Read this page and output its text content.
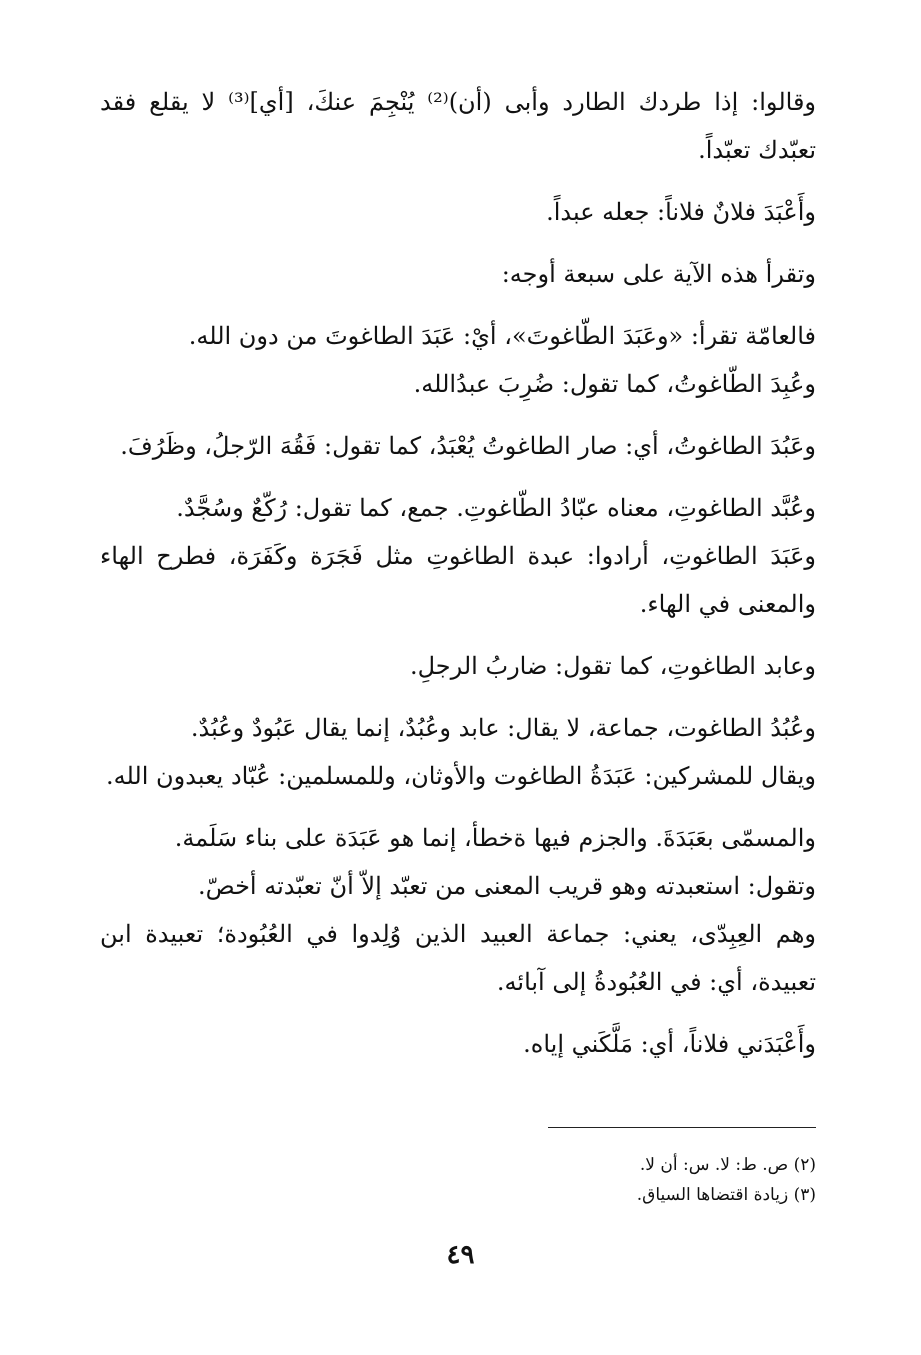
وقالوا: إذا طردك الطارد وأبى (أن)⁽²⁾ يُنْجِمَ عنكَ، [أي]⁽³⁾ لا يقلع فقد تعبّدك تعبّداً.

وأَعْبَدَ فلانٌ فلاناً: جعله عبداً.

وتقرأ هذه الآية على سبعة أوجه:

فالعامّة تقرأ: «وعَبَدَ الطّاغوتَ»، أيْ: عَبَدَ الطاغوتَ من دون الله.

وعُبِدَ الطّاغوتُ، كما تقول: ضُرِبَ عبدُالله.

وعَبُدَ الطاغوتُ، أي: صار الطاغوتُ يُعْبَدُ، كما تقول: فَقُهَ الرّجلُ، وظَرُفَ.

وعُبَّد الطاغوتِ، معناه عبّادُ الطّاغوتِ. جمع، كما تقول: رُكّعٌ وسُجَّدٌ.

وعَبَدَ الطاغوتِ، أرادوا: عبدة الطاغوتِ مثل فَجَرَة وكَفَرَة، فطرح الهاء والمعنى في الهاء.

وعابد الطاغوتِ، كما تقول: ضاربُ الرجلِ.

وعُبُدُ الطاغوت، جماعة، لا يقال: عابد وعُبُدٌ، إنما يقال عَبُودٌ وعُبُدٌ.

ويقال للمشركين: عَبَدَةُ الطاغوت والأوثان، وللمسلمين: عُبّاد يعبدون الله.

والمسمّى بعَبَدَةَ. والجزم فيها ةخطأ، إنما هو عَبَدَة على بناء سَلَمة.

وتقول: استعبدته وهو قريب المعنى من تعبّد إلاّ أنّ تعبّدته أخصّ.

وهم العِبِدّى، يعني: جماعة العبيد الذين وُلِدوا في العُبُودة؛ تعبيدة ابن تعبيدة، أي: في العُبُودةُ إلى آبائه.

وأَعْبَدَني فلاناً، أي: مَلَّكَني إياه.

(٢) ص. ط: لا. س: أن لا.

(٣) زيادة اقتضاها السياق.

٤٩
